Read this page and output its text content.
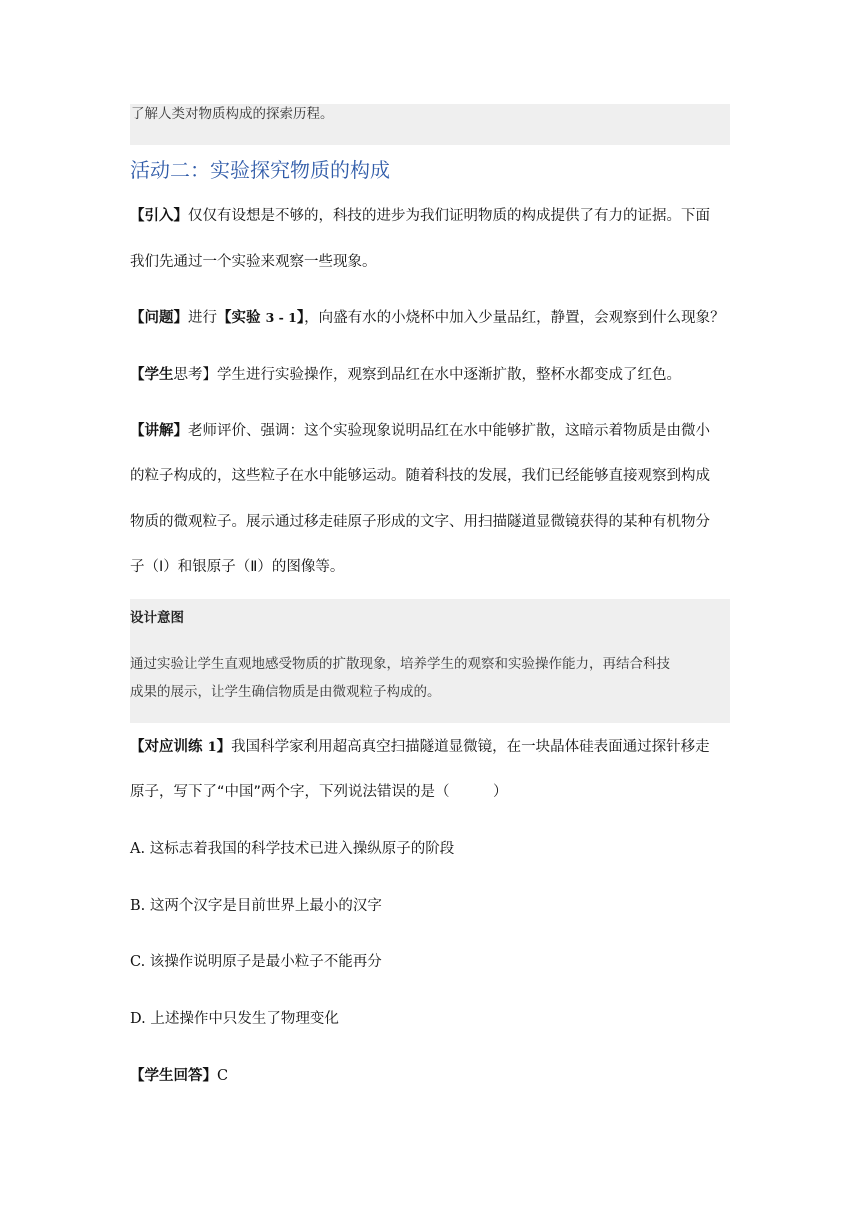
了解人类对物质构成的探索历程。
活动二：实验探究物质的构成
【引入】仅仅有设想是不够的，科技的进步为我们证明物质的构成提供了有力的证据。下面
我们先通过一个实验来观察一些现象。
【问题】进行【实验 3 - 1】，向盛有水的小烧杯中加入少量品红，静置，会观察到什么现象？
【学生思考】学生进行实验操作，观察到品红在水中逐渐扩散，整杯水都变成了红色。
【讲解】老师评价、强调：这个实验现象说明品红在水中能够扩散，这暗示着物质是由微小
的粒子构成的，这些粒子在水中能够运动。随着科技的发展，我们已经能够直接观察到构成
物质的微观粒子。展示通过移走硅原子形成的文字、用扫描隧道显微镜获得的某种有机物分
子（Ⅰ）和银原子（Ⅱ）的图像等。
设计意图
通过实验让学生直观地感受物质的扩散现象，培养学生的观察和实验操作能力，再结合科技
成果的展示，让学生确信物质是由微观粒子构成的。
【对应训练 1】我国科学家利用超高真空扫描隧道显微镜，在一块晶体硅表面通过探针移走
原子，写下了“中国”两个字，下列说法错误的是（　　　）
A. 这标志着我国的科学技术已进入操纵原子的阶段
B. 这两个汉字是目前世界上最小的汉字
C. 该操作说明原子是最小粒子不能再分
D. 上述操作中只发生了物理变化
【学生回答】C
